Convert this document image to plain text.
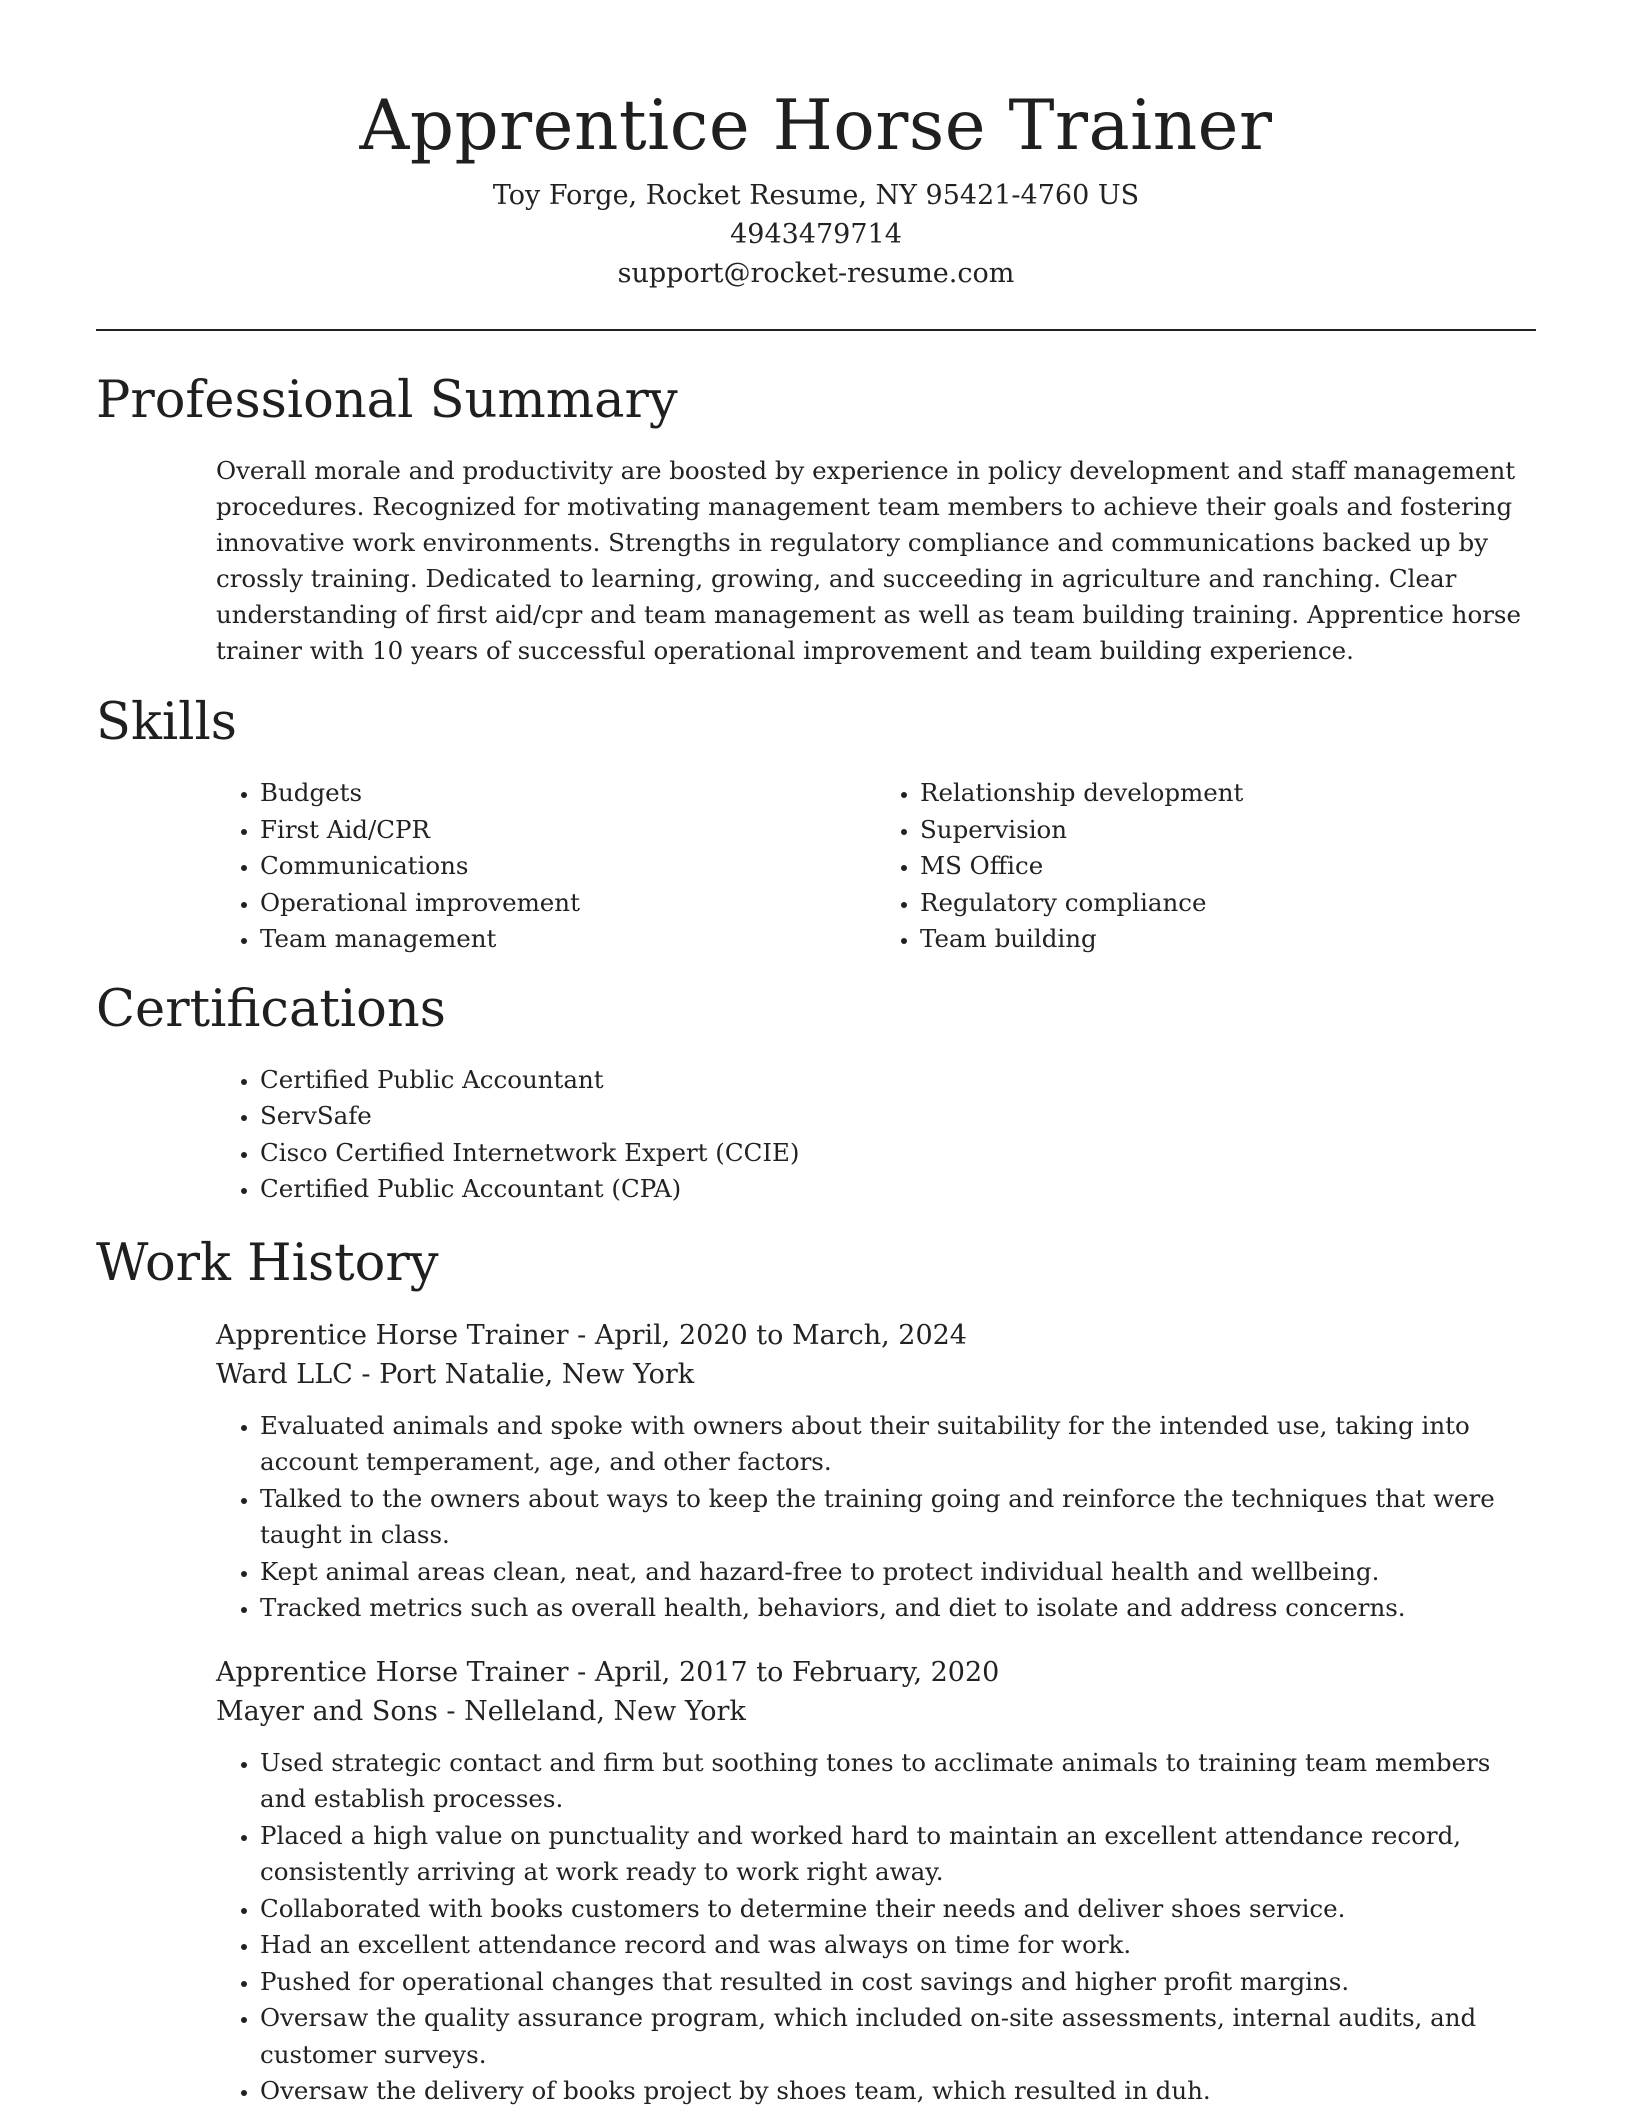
Apprentice Horse Trainer
Toy Forge, Rocket Resume, NY 95421-4760 US
4943479714
support@rocket-resume.com
Professional Summary

Overall morale and productivity are boosted by experience in policy development and staff management procedures. Recognized for motivating management team members to achieve their goals and fostering innovative work environments. Strengths in regulatory compliance and communications backed up by crossly training. Dedicated to learning, growing, and succeeding in agriculture and ranching. Clear understanding of first aid/cpr and team management as well as team building training. Apprentice horse trainer with 10 years of successful operational improvement and team building experience.

Skills
• Budgets
• First Aid/CPR
• Communications
• Operational improvement
• Team management
• Relationship development
• Supervision
• MS Office
• Regulatory compliance
• Team building
Certifications
• Certified Public Accountant
• ServSafe
• Cisco Certified Internetwork Expert (CCIE)
• Certified Public Accountant (CPA)
Work History
Apprentice Horse Trainer - April, 2020 to March, 2024
Ward LLC - Port Natalie, New York
• Evaluated animals and spoke with owners about their suitability for the intended use, taking into account temperament, age, and other factors.
• Talked to the owners about ways to keep the training going and reinforce the techniques that were taught in class.
• Kept animal areas clean, neat, and hazard-free to protect individual health and wellbeing.
• Tracked metrics such as overall health, behaviors, and diet to isolate and address concerns.
Apprentice Horse Trainer - April, 2017 to February, 2020
Mayer and Sons - Nelleland, New York
• Used strategic contact and firm but soothing tones to acclimate animals to training team members and establish processes.
• Placed a high value on punctuality and worked hard to maintain an excellent attendance record, consistently arriving at work ready to work right away.
• Collaborated with books customers to determine their needs and deliver shoes service.
• Had an excellent attendance record and was always on time for work.
• Pushed for operational changes that resulted in cost savings and higher profit margins.
• Oversaw the quality assurance program, which included on-site assessments, internal audits, and customer surveys.
• Oversaw the delivery of books project by shoes team, which resulted in duh.
